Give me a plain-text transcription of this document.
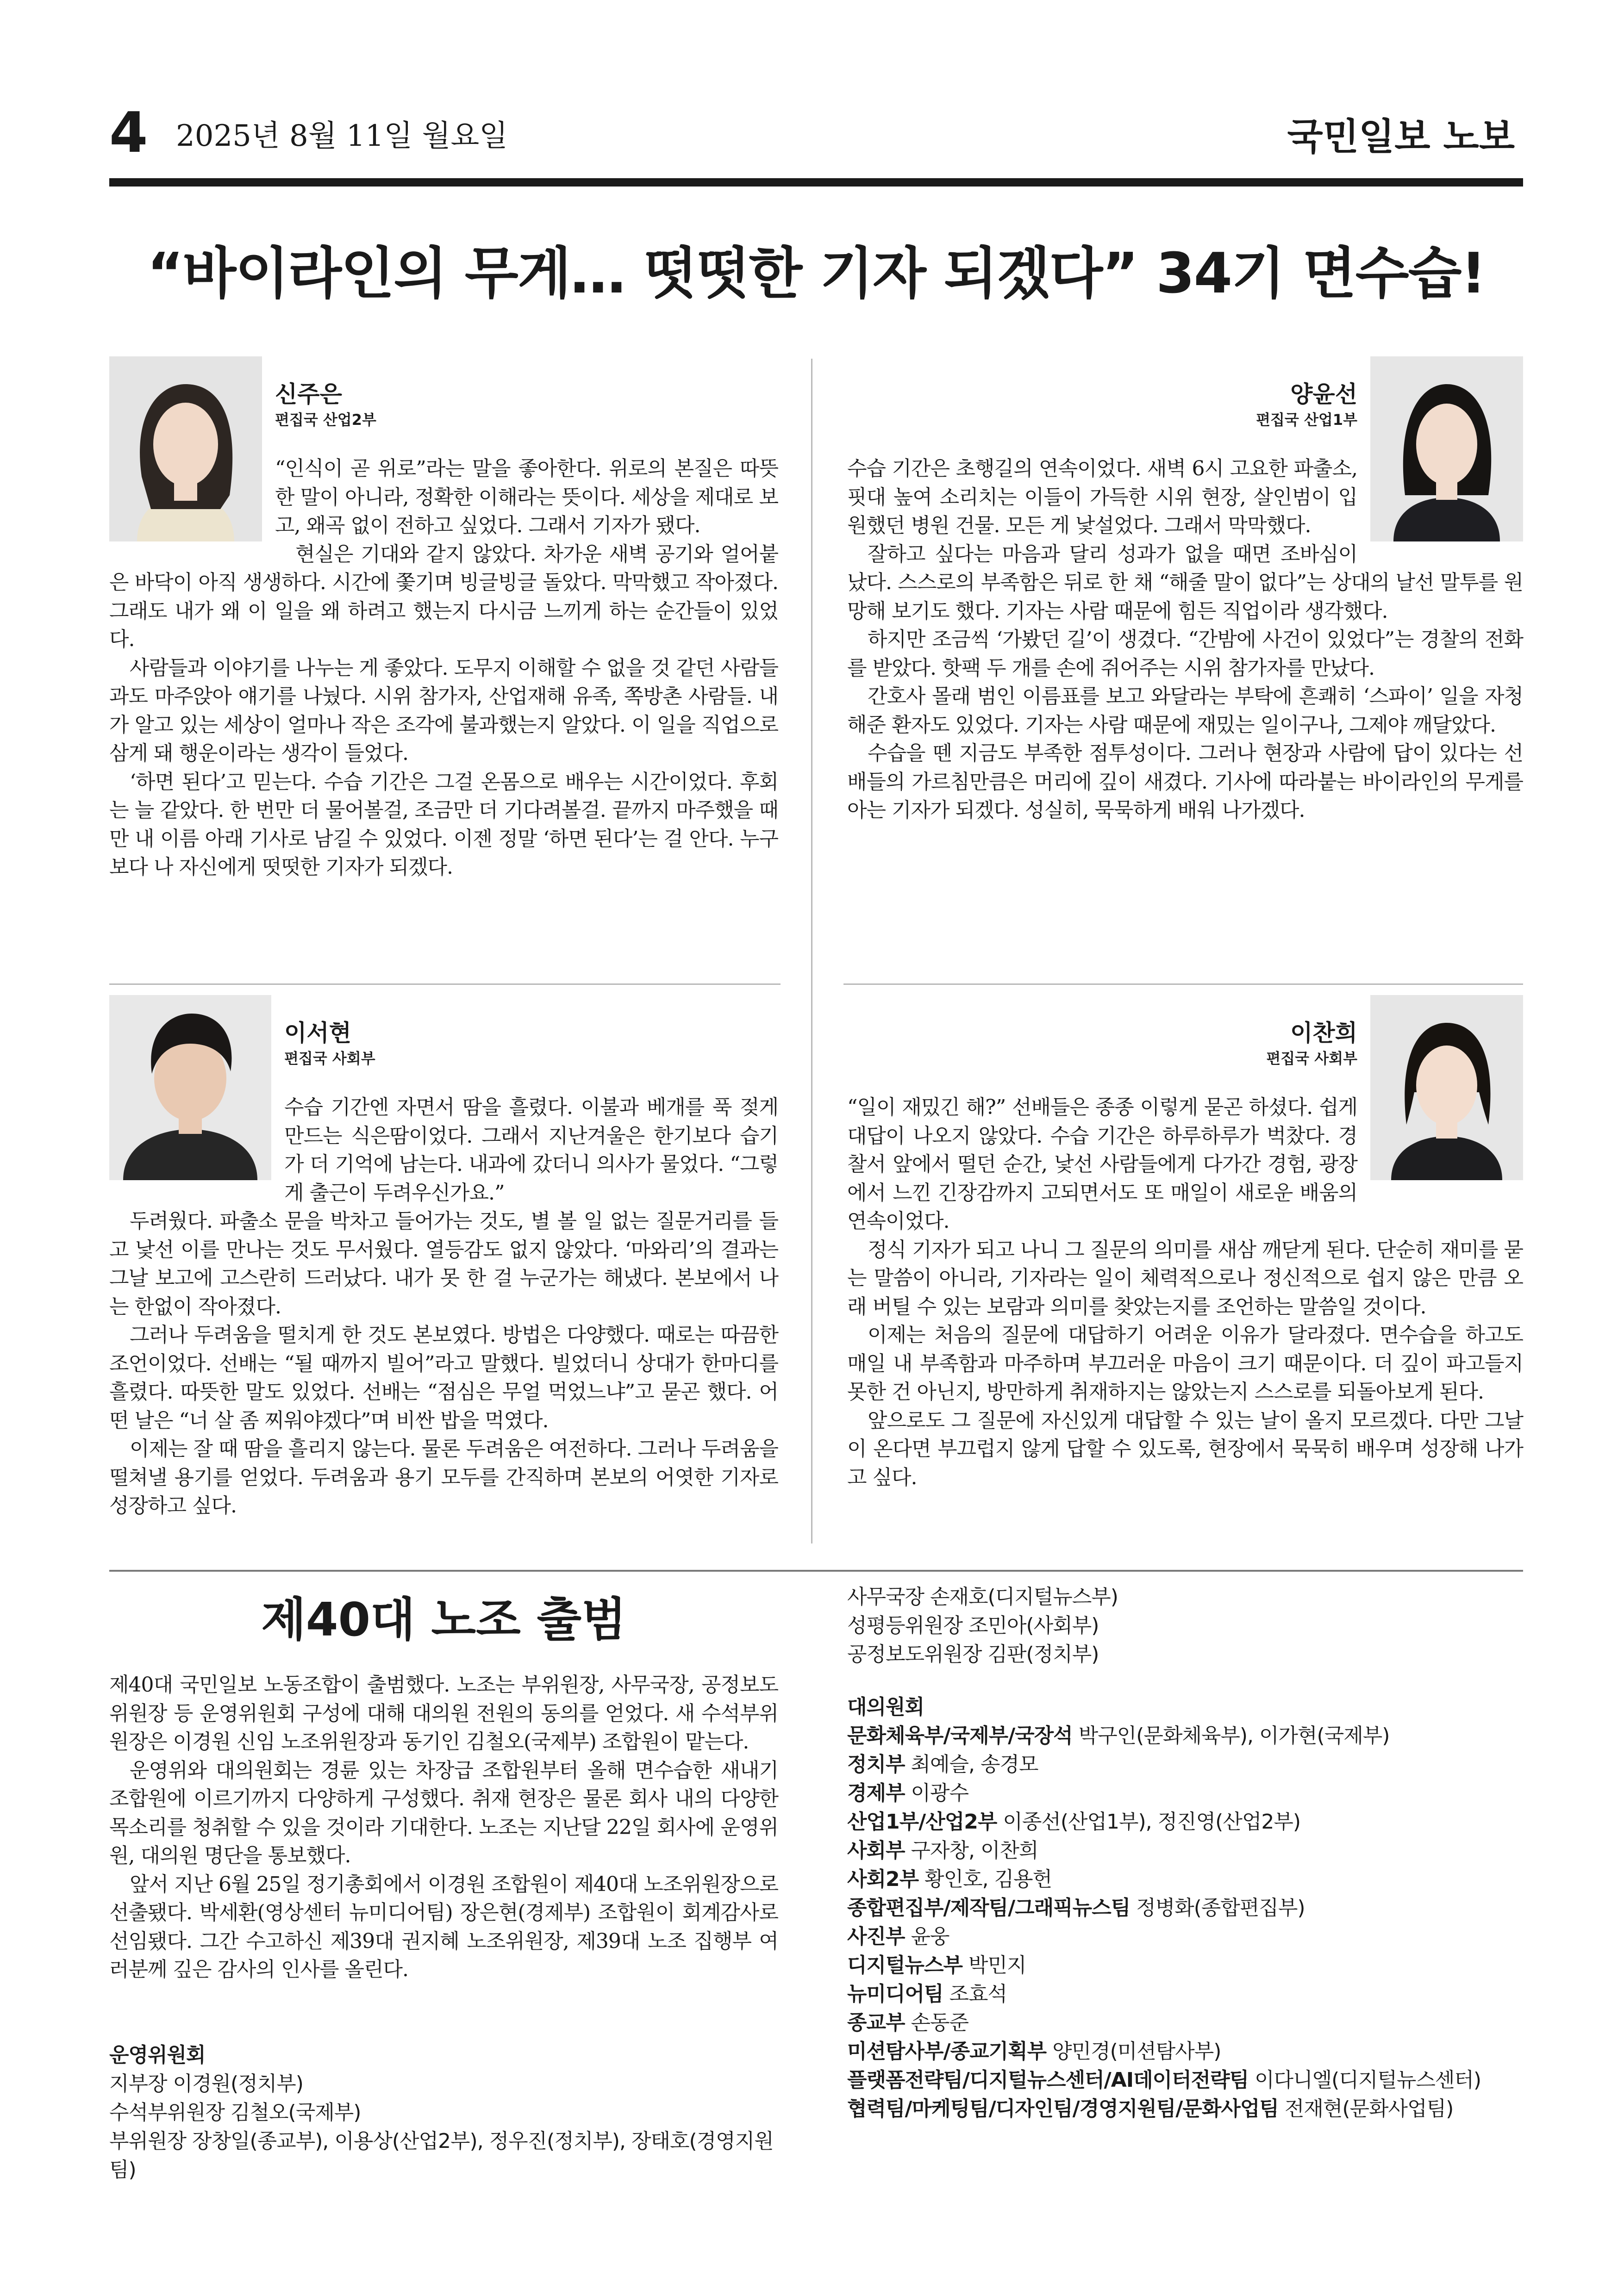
4 2025년 8월 11일 월요일	국민일보 노보
“바이라인의 무게… 떳떳한 기자 되겠다” 34기 면수습!
신주은
편집국 산업2부

“인식이 곧 위로”라는 말을 좋아한다. 위로의 본질은 따뜻한 말이 아니라, 정확한 이해라는 뜻이다. 세상을 제대로 보고, 왜곡 없이 전하고 싶었다. 그래서 기자가 됐다.

현실은 기대와 같지 않았다. 차가운 새벽 공기와 얼어붙은 바닥이 아직 생생하다. 시간에 쫓기며 빙글빙글 돌았다. 막막했고 작아졌다. 그래도 내가 왜 이 일을 왜 하려고 했는지 다시금 느끼게 하는 순간들이 있었다.

사람들과 이야기를 나누는 게 좋았다. 도무지 이해할 수 없을 것 같던 사람들과도 마주앉아 얘기를 나눴다. 시위 참가자, 산업재해 유족, 쪽방촌 사람들. 내가 알고 있는 세상이 얼마나 작은 조각에 불과했는지 알았다. 이 일을 직업으로 삼게 돼 행운이라는 생각이 들었다.

‘하면 된다’고 믿는다. 수습 기간은 그걸 온몸으로 배우는 시간이었다. 후회는 늘 같았다. 한 번만 더 물어볼걸, 조금만 더 기다려볼걸. 끝까지 마주했을 때만 내 이름 아래 기사로 남길 수 있었다. 이젠 정말 ‘하면 된다’는 걸 안다. 누구보다 나 자신에게 떳떳한 기자가 되겠다.

양윤선
편집국 산업1부

수습 기간은 초행길의 연속이었다. 새벽 6시 고요한 파출소, 핏대 높여 소리치는 이들이 가득한 시위 현장, 살인범이 입원했던 병원 건물. 모든 게 낯설었다. 그래서 막막했다.

잘하고 싶다는 마음과 달리 성과가 없을 때면 조바심이 났다. 스스로의 부족함은 뒤로 한 채 “해줄 말이 없다”는 상대의 날선 말투를 원망해 보기도 했다. 기자는 사람 때문에 힘든 직업이라 생각했다.

하지만 조금씩 ‘가봤던 길’이 생겼다. “간밤에 사건이 있었다”는 경찰의 전화를 받았다. 핫팩 두 개를 손에 쥐어주는 시위 참가자를 만났다.

간호사 몰래 범인 이름표를 보고 와달라는 부탁에 흔쾌히 ‘스파이’ 일을 자청해준 환자도 있었다. 기자는 사람 때문에 재밌는 일이구나, 그제야 깨달았다.

수습을 뗀 지금도 부족한 점투성이다. 그러나 현장과 사람에 답이 있다는 선배들의 가르침만큼은 머리에 깊이 새겼다. 기사에 따라붙는 바이라인의 무게를 아는 기자가 되겠다. 성실히, 묵묵하게 배워 나가겠다.

이서현
편집국 사회부

수습 기간엔 자면서 땀을 흘렸다. 이불과 베개를 푹 젖게 만드는 식은땀이었다. 그래서 지난겨울은 한기보다 습기가 더 기억에 남는다. 내과에 갔더니 의사가 물었다. “그렇게 출근이 두려우신가요.”

두려웠다. 파출소 문을 박차고 들어가는 것도, 별 볼 일 없는 질문거리를 들고 낯선 이를 만나는 것도 무서웠다. 열등감도 없지 않았다. ‘마와리’의 결과는 그날 보고에 고스란히 드러났다. 내가 못 한 걸 누군가는 해냈다. 본보에서 나는 한없이 작아졌다.

그러나 두려움을 떨치게 한 것도 본보였다. 방법은 다양했다. 때로는 따끔한 조언이었다. 선배는 “될 때까지 빌어”라고 말했다. 빌었더니 상대가 한마디를 흘렸다. 따뜻한 말도 있었다. 선배는 “점심은 무얼 먹었느냐”고 묻곤 했다. 어떤 날은 “너 살 좀 찌워야겠다”며 비싼 밥을 먹였다.

이제는 잘 때 땀을 흘리지 않는다. 물론 두려움은 여전하다. 그러나 두려움을 떨쳐낼 용기를 얻었다. 두려움과 용기 모두를 간직하며 본보의 어엿한 기자로 성장하고 싶다.

이찬희
편집국 사회부

“일이 재밌긴 해?” 선배들은 종종 이렇게 묻곤 하셨다. 쉽게 대답이 나오지 않았다. 수습 기간은 하루하루가 벅찼다. 경찰서 앞에서 떨던 순간, 낯선 사람들에게 다가간 경험, 광장에서 느낀 긴장감까지 고되면서도 또 매일이 새로운 배움의 연속이었다.

정식 기자가 되고 나니 그 질문의 의미를 새삼 깨닫게 된다. 단순히 재미를 묻는 말씀이 아니라, 기자라는 일이 체력적으로나 정신적으로 쉽지 않은 만큼 오래 버틸 수 있는 보람과 의미를 찾았는지를 조언하는 말씀일 것이다.

이제는 처음의 질문에 대답하기 어려운 이유가 달라졌다. 면수습을 하고도 매일 내 부족함과 마주하며 부끄러운 마음이 크기 때문이다. 더 깊이 파고들지 못한 건 아닌지, 방만하게 취재하지는 않았는지 스스로를 되돌아보게 된다.

앞으로도 그 질문에 자신있게 대답할 수 있는 날이 올지 모르겠다. 다만 그날이 온다면 부끄럽지 않게 답할 수 있도록, 현장에서 묵묵히 배우며 성장해 나가고 싶다.

제40대 노조 출범

제40대 국민일보 노동조합이 출범했다. 노조는 부위원장, 사무국장, 공정보도위원장 등 운영위원회 구성에 대해 대의원 전원의 동의를 얻었다. 새 수석부위원장은 이경원 신임 노조위원장과 동기인 김철오(국제부) 조합원이 맡는다.

운영위와 대의원회는 경륜 있는 차장급 조합원부터 올해 면수습한 새내기 조합원에 이르기까지 다양하게 구성했다. 취재 현장은 물론 회사 내의 다양한 목소리를 청취할 수 있을 것이라 기대한다. 노조는 지난달 22일 회사에 운영위원, 대의원 명단을 통보했다.

앞서 지난 6월 25일 정기총회에서 이경원 조합원이 제40대 노조위원장으로 선출됐다. 박세환(영상센터 뉴미디어팀) 장은현(경제부) 조합원이 회계감사로 선임됐다. 그간 수고하신 제39대 권지혜 노조위원장, 제39대 노조 집행부 여러분께 깊은 감사의 인사를 올린다.

운영위원회
지부장 이경원(정치부)
수석부위원장 김철오(국제부)
부위원장 장창일(종교부), 이용상(산업2부), 정우진(정치부), 장태호(경영지원팀)
사무국장 손재호(디지털뉴스부)
성평등위원장 조민아(사회부)
공정보도위원장 김판(정치부)
대의원회
문화체육부/국제부/국장석 박구인(문화체육부), 이가현(국제부)
정치부 최예슬, 송경모
경제부 이광수
산업1부/산업2부 이종선(산업1부), 정진영(산업2부)
사회부 구자창, 이찬희
사회2부 황인호, 김용헌
종합편집부/제작팀/그래픽뉴스팀 정병화(종합편집부)
사진부 윤웅
디지털뉴스부 박민지
뉴미디어팀 조효석
종교부 손동준
미션탐사부/종교기획부 양민경(미션탐사부)
플랫폼전략팀/디지털뉴스센터/AI데이터전략팀 이다니엘(디지털뉴스센터)
협력팀/마케팅팀/디자인팀/경영지원팀/문화사업팀 전재현(문화사업팀)
